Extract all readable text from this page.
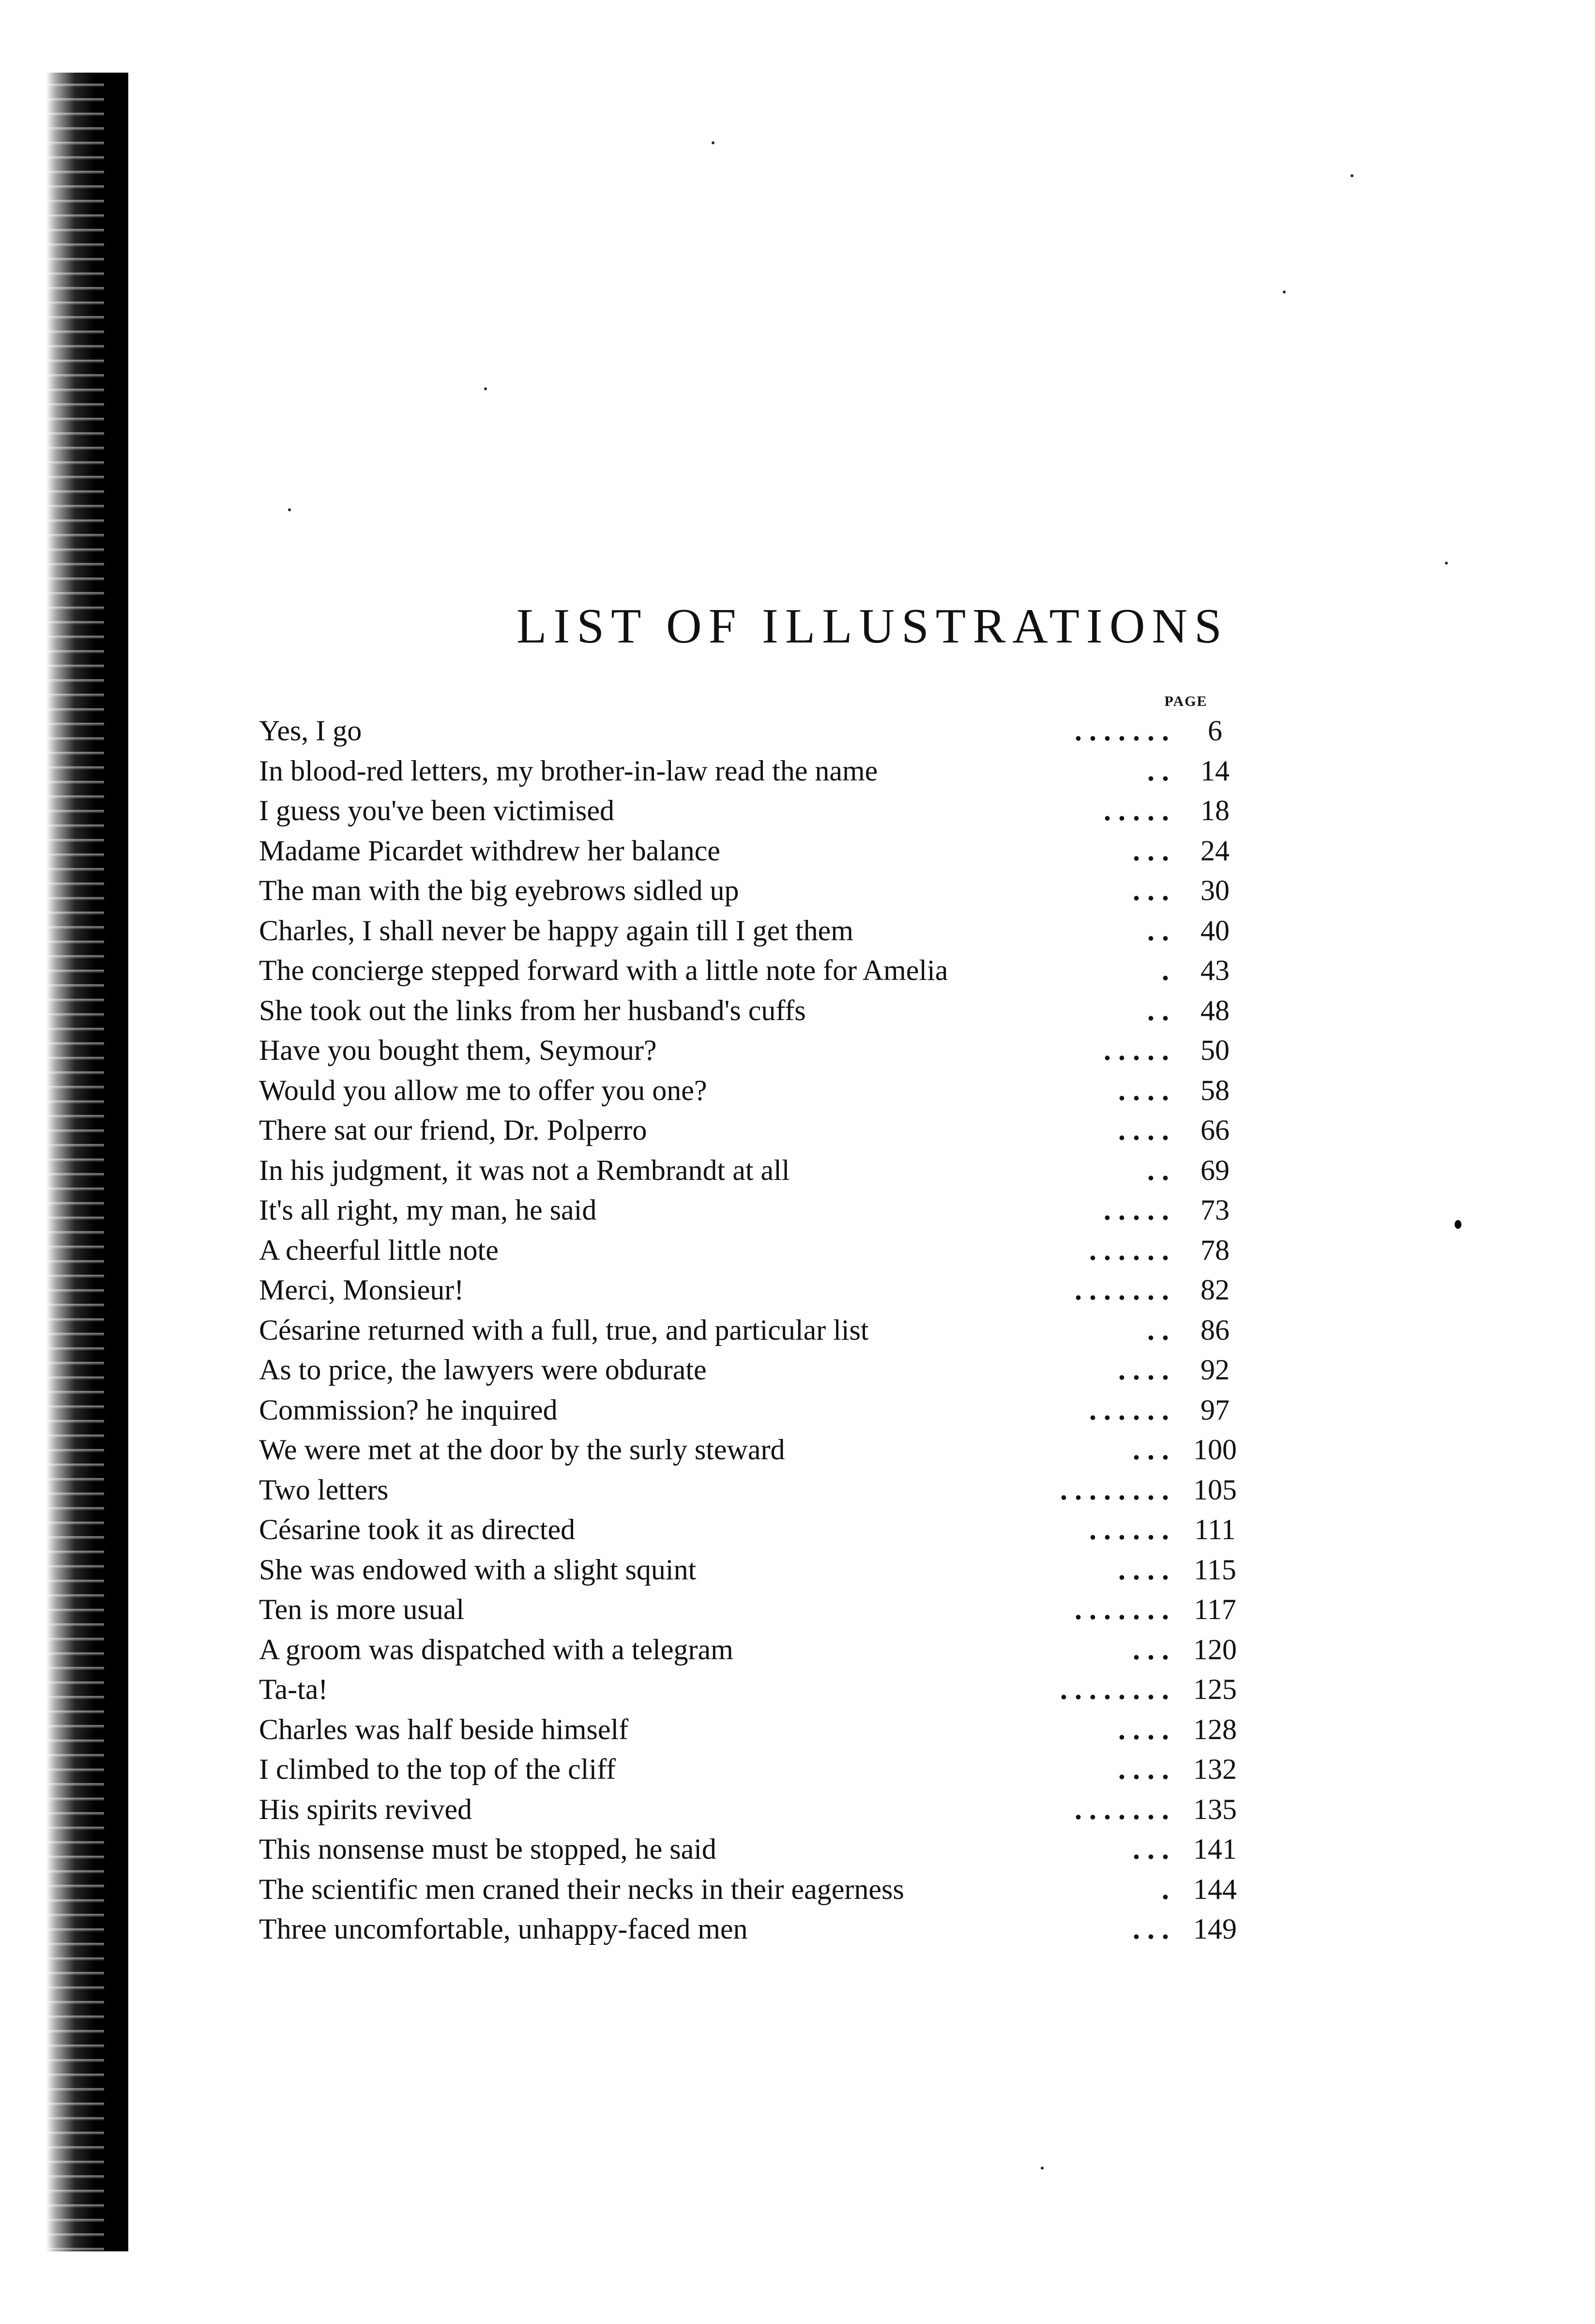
LIST OF ILLUSTRATIONS
PAGE
Yes, I go	. . . . . . .	6
In blood-red letters, my brother-in-law read the name	. .	14
I guess you've been victimised	. . . . .	18
Madame Picardet withdrew her balance	. . .	24
The man with the big eyebrows sidled up	. . .	30
Charles, I shall never be happy again till I get them	. .	40
The concierge stepped forward with a little note for Amelia	.	43
She took out the links from her husband's cuffs	. .	48
Have you bought them, Seymour?	. . . . .	50
Would you allow me to offer you one?	. . . .	58
There sat our friend, Dr. Polperro	. . . .	66
In his judgment, it was not a Rembrandt at all	. .	69
It's all right, my man, he said	. . . . .	73
A cheerful little note	. . . . . .	78
Merci, Monsieur!	. . . . . . .	82
Césarine returned with a full, true, and particular list	. .	86
As to price, the lawyers were obdurate	. . . .	92
Commission? he inquired	. . . . . .	97
We were met at the door by the surly steward	. . . 100
Two letters	. . . . . . . . 105
Césarine took it as directed	. . . . . . 111
She was endowed with a slight squint	. . . . 115
Ten is more usual	. . . . . . . 117
A groom was dispatched with a telegram	. . . 120
Ta-ta!	. . . . . . . . 125
Charles was half beside himself	. . . . 128
I climbed to the top of the cliff	. . . . 132
His spirits revived	. . . . . . . 135
This nonsense must be stopped, he said	. . . 141
The scientific men craned their necks in their eagerness	. 144
Three uncomfortable, unhappy-faced men	. . . 149
